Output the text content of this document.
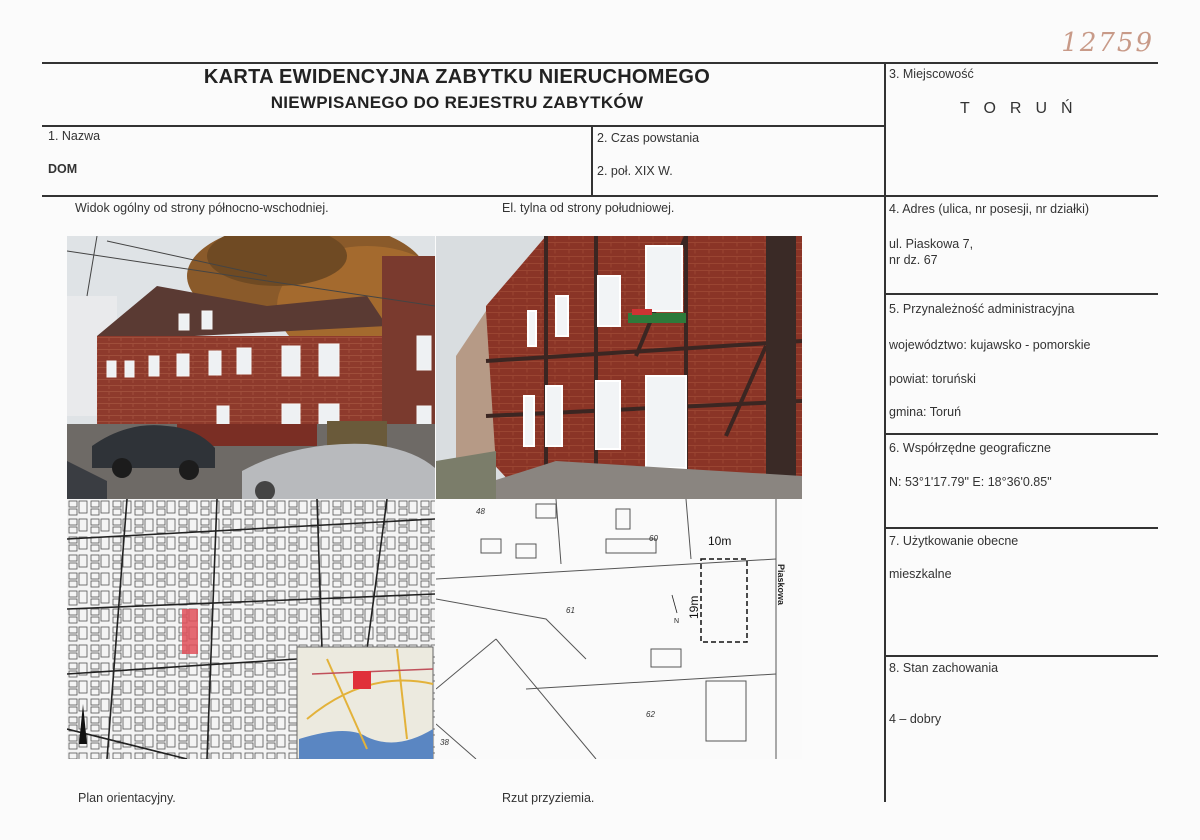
12759
KARTA EWIDENCYJNA ZABYTKU NIERUCHOMEGO
NIEWPISANEGO DO REJESTRU ZABYTKÓW
1. Nazwa
DOM
2. Czas powstania
2. poł. XIX W.
3. Miejscowość
TORUŃ
4. Adres (ulica, nr posesji, nr działki)
ul. Piaskowa 7,
nr dz. 67
5. Przynależność administracyjna
województwo: kujawsko - pomorskie
powiat: toruński
gmina: Toruń
6. Współrzędne geograficzne
N: 53°1'17.79" E: 18°36'0.85"
7. Użytkowanie obecne
mieszkalne
8. Stan zachowania
4 – dobry
Widok ogólny od strony północno-wschodniej.	El. tylna od strony południowej.
Plan orientacyjny.	Rzut przyziemia.
48
60
61
62
38
10m
19m
Piaskowa
N
